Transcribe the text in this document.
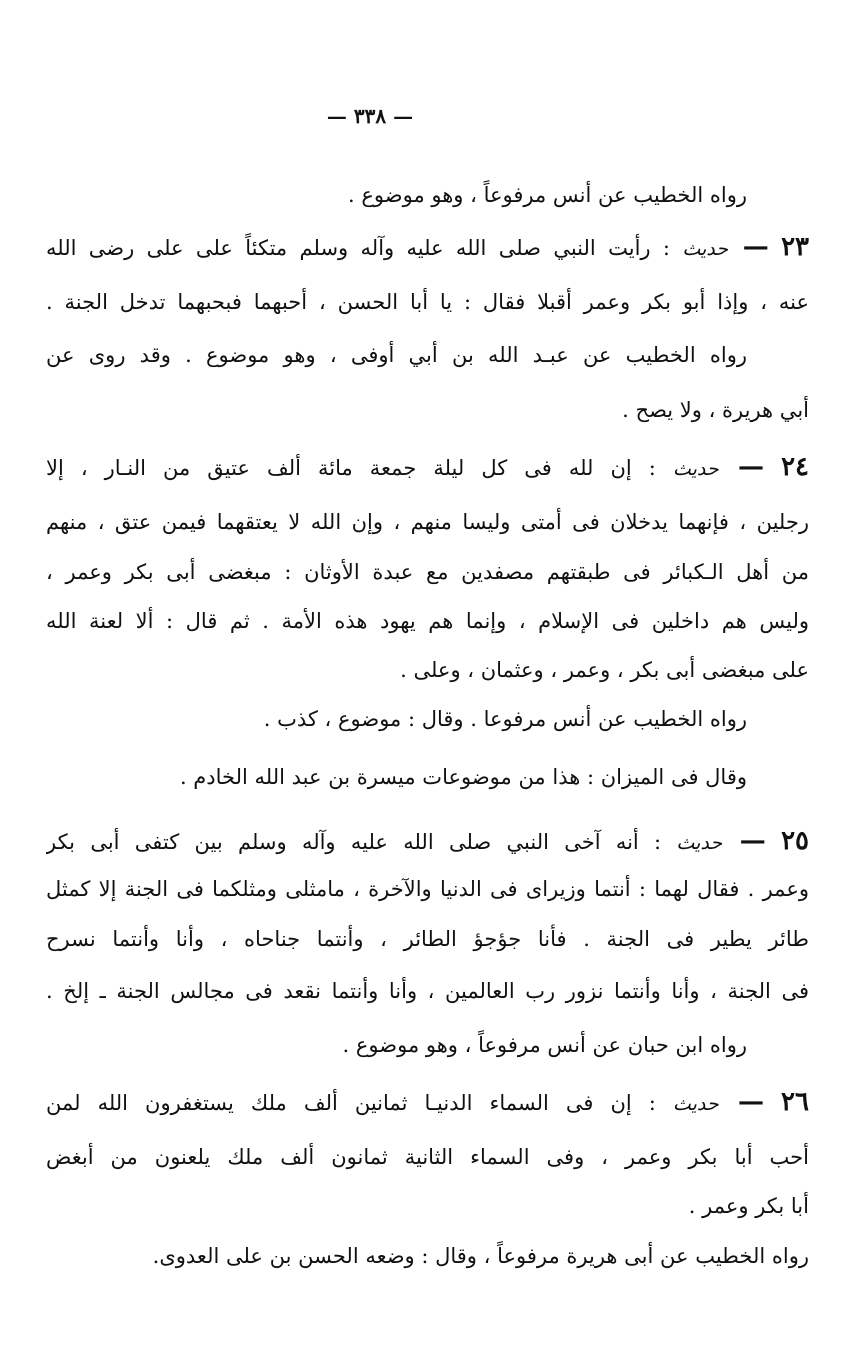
— ٣٣٨ —
رواه الخطيب عن أنس مرفوعاً ، وهو موضوع .
٢٣ — حديث : رأيت النبي صلى الله عليه وآله وسلم متكئاً على على رضى الله
عنه ، وإذا أبو بكر وعمر أقبلا فقال : يا أبا الحسن ، أحبهما فبحبهما تدخل الجنة .
رواه الخطيب عن عبـد الله بن أبي أوفى ، وهو موضوع . وقد روى عن
أبي هريرة ، ولا يصح .
٢٤ — حديث : إن لله فى كل ليلة جمعة مائة ألف عتيق من النـار ، إلا
رجلين ، فإنهما يدخلان فى أمتى وليسا منهم ، وإن الله لا يعتقهما فيمن عتق ، منهم
من أهل الـكبائر فى طبقتهم مصفدين مع عبدة الأوثان : مبغضى أبى بكر وعمر ،
وليس هم داخلين فى الإسلام ، وإنما هم يهود هذه الأمة . ثم قال : ألا لعنة الله
على مبغضى أبى بكر ، وعمر ، وعثمان ، وعلى .
رواه الخطيب عن أنس مرفوعا . وقال : موضوع ، كذب .
وقال فى الميزان : هذا من موضوعات ميسرة بن عبد الله الخادم .
٢٥ — حديث : أنه آخى النبي صلى الله عليه وآله وسلم بين كتفى أبى بكر
وعمر . فقال لهما : أنتما وزيراى فى الدنيا والآخرة ، مامثلى ومثلكما فى الجنة إلا كمثل
طائر يطير فى الجنة . فأنا جؤجؤ الطائر ، وأنتما جناحاه ، وأنا وأنتما نسرح
فى الجنة ، وأنا وأنتما نزور رب العالمين ، وأنا وأنتما نقعد فى مجالس الجنة ـ إلخ .
رواه ابن حبان عن أنس مرفوعاً ، وهو موضوع .
٢٦ — حديث : إن فى السماء الدنيـا ثمانين ألف ملك يستغفرون الله لمن
أحب أبا بكر وعمر ، وفى السماء الثانية ثمانون ألف ملك يلعنون من أبغض
أبا بكر وعمر .
رواه الخطيب عن أبى هريرة مرفوعاً ، وقال : وضعه الحسن بن على العدوى.
